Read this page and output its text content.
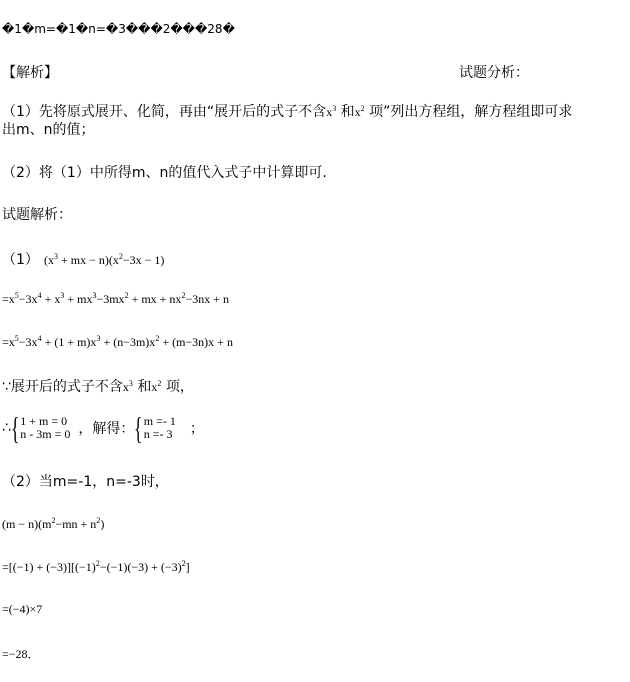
�1�m=�1�n=�3���2���28�
【解析】	试题分析：
（1）先将原式展开、化简，再由“展开后的式子不含$x^3$ 和$x^2$ 项”列出方程组，解方程组即可求
出m、n的值；
（2）将（1）中所得m、n的值代入式子中计算即可.
试题解析：
（1） ($x^3$ + mx − $n)(x^2-3x - 1)$
$=x^5-3x^4 + x^3 + mx^3-3mx^2$ + mx + $nx^2-3nx + n$
$=x^5-3x^4 + (1 + m)x^3 + (n-3m)x^2 + (m-3n)x + n$
∵展开后的式子不含$x^3$ 和$x^2$ 项，
∴{ 1 + m = 0
n - 3m = 0 ，解得：{ m =- 1
n =- 3 ；
（2）当m=-1，n=-3时，
$(m - n)(m^2-mn + n^2)$
$=[(-1) + (-3)][(-1)^2-(-1)(-3) + (-3)^2]$
=(−4)×7
=−28．
